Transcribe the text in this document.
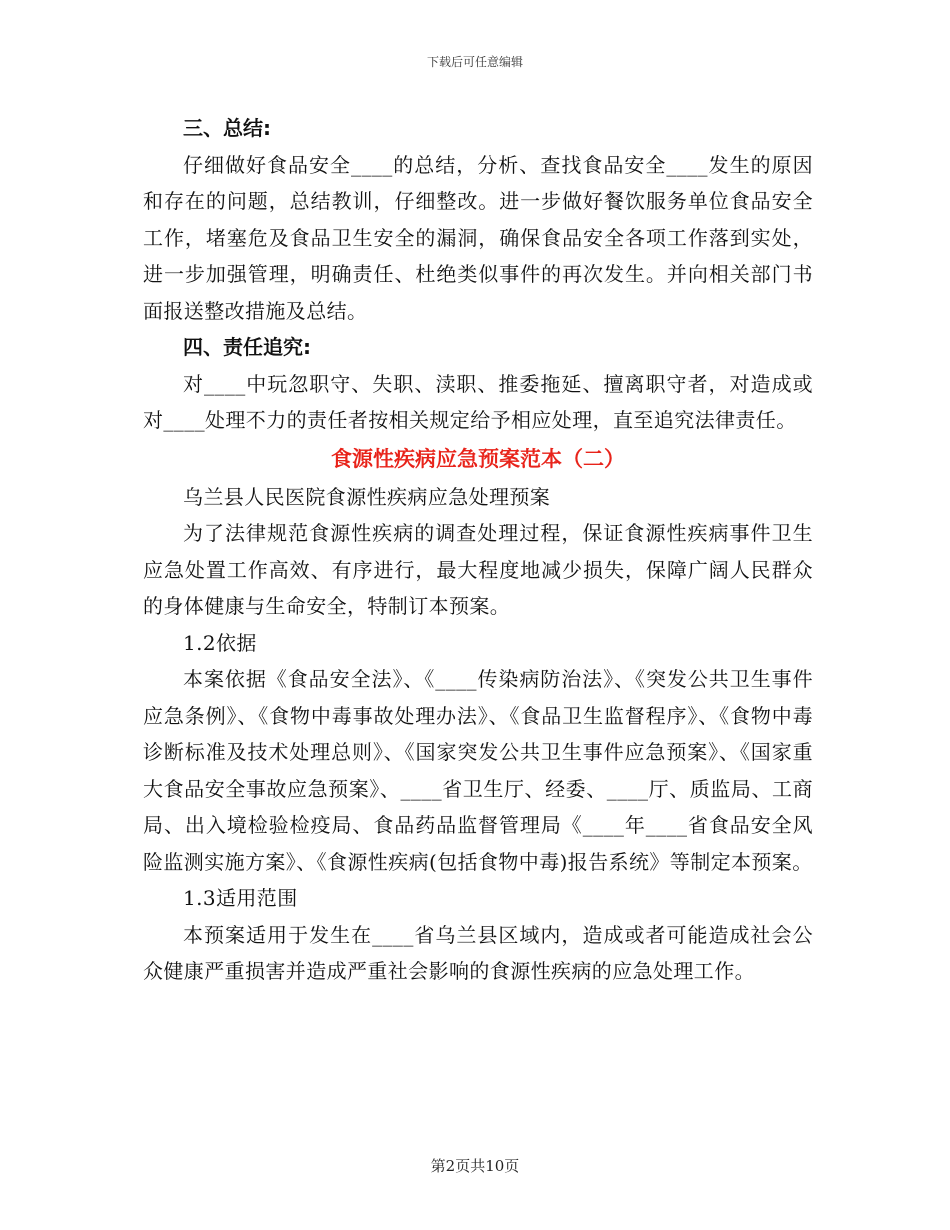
下载后可任意编辑

三、总结:

仔细做好食品安全____的总结，分析、查找食品安全____发生的原因和存在的问题，总结教训，仔细整改。进一步做好餐饮服务单位食品安全工作，堵塞危及食品卫生安全的漏洞，确保食品安全各项工作落到实处，进一步加强管理，明确责任、杜绝类似事件的再次发生。并向相关部门书面报送整改措施及总结。

四、责任追究:

对____中玩忽职守、失职、渎职、推委拖延、擅离职守者，对造成或对____处理不力的责任者按相关规定给予相应处理，直至追究法律责任。

食源性疾病应急预案范本（二）

乌兰县人民医院食源性疾病应急处理预案

为了法律规范食源性疾病的调查处理过程，保证食源性疾病事件卫生应急处置工作高效、有序进行，最大程度地减少损失，保障广阔人民群众的身体健康与生命安全，特制订本预案。

1.2依据

本案依据《食品安全法》、《____传染病防治法》、《突发公共卫生事件应急条例》、《食物中毒事故处理办法》、《食品卫生监督程序》、《食物中毒诊断标准及技术处理总则》、《国家突发公共卫生事件应急预案》、《国家重大食品安全事故应急预案》、____省卫生厅、经委、____厅、质监局、工商局、出入境检验检疫局、食品药品监督管理局《____年____省食品安全风险监测实施方案》、《食源性疾病(包括食物中毒)报告系统》等制定本预案。

1.3适用范围

本预案适用于发生在____省乌兰县区域内，造成或者可能造成社会公众健康严重损害并造成严重社会影响的食源性疾病的应急处理工作。

第2页共10页
